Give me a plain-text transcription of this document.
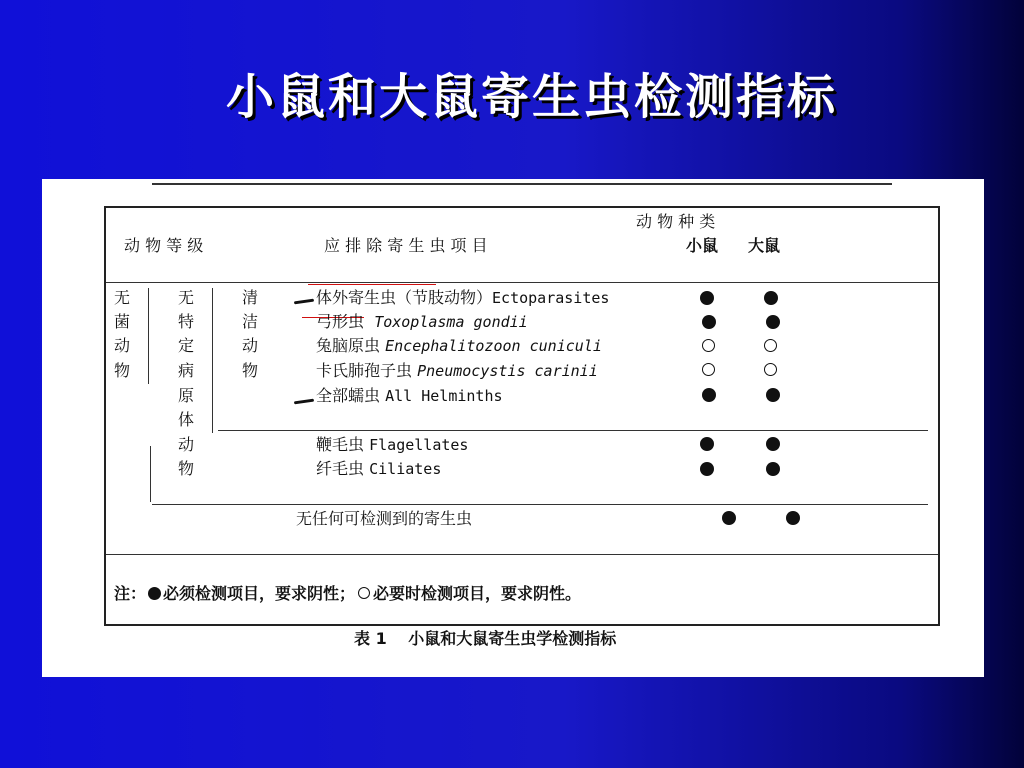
小鼠和大鼠寄生虫检测指标
动 物 种 类
动 物 等 级	应 排 除 寄 生 虫 项 目	小鼠 大鼠
无
菌
动
物
无
特
定
病
原
体
动
物
清
洁
动
物
体外寄生虫（节肢动物）Ectoparasites
弓形虫 Toxoplasma gondii
兔脑原虫 Encephalitozoon cuniculi
卡氏肺孢子虫 Pneumocystis carinii
全部蠕虫 All Helminths
鞭毛虫 Flagellates
纤毛虫 Ciliates
无任何可检测到的寄生虫
注： 必须检测项目，要求阴性； 必要时检测项目，要求阴性。
表 1　 小鼠和大鼠寄生虫学检测指标
